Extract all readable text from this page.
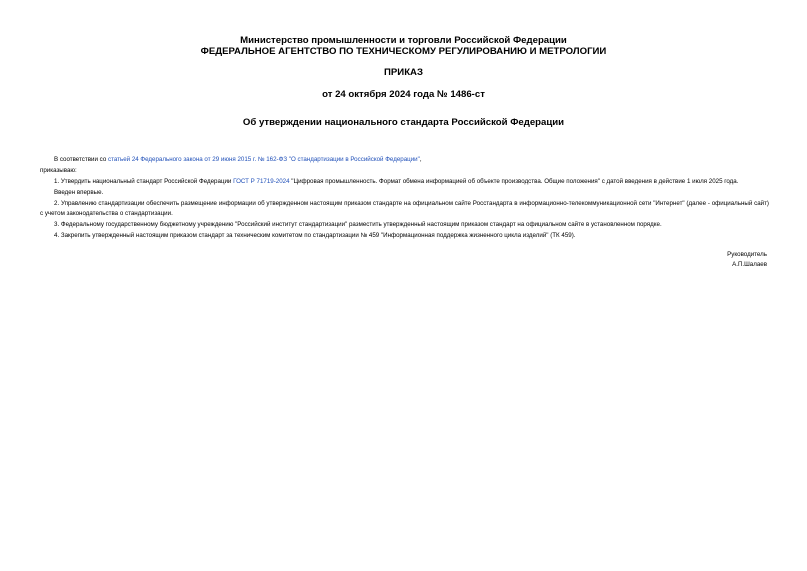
Министерство промышленности и торговли Российской Федерации
ФЕДЕРАЛЬНОЕ АГЕНТСТВО ПО ТЕХНИЧЕСКОМУ РЕГУЛИРОВАНИЮ И МЕТРОЛОГИИ
ПРИКАЗ
от 24 октября 2024 года № 1486-ст
Об утверждении национального стандарта Российской Федерации

В соответствии со статьей 24 Федерального закона от 29 июня 2015 г. № 162-ФЗ "О стандартизации в Российской Федерации",

приказываю:

1. Утвердить национальный стандарт Российской Федерации ГОСТ Р 71719-2024 "Цифровая промышленность. Формат обмена информацией об объекте производства. Общие положения" с датой введения в действие 1 июля 2025 года.

Введен впервые.

2. Управлению стандартизации обеспечить размещение информации об утвержденном настоящим приказом стандарте на официальном сайте Росстандарта в информационно-телекоммуникационной сети "Интернет" (далее - официальный сайт) с учетом законодательства о стандартизации.

3. Федеральному государственному бюджетному учреждению "Российский институт стандартизации" разместить утвержденный настоящим приказом стандарт на официальном сайте в установленном порядке.

4. Закрепить утвержденный настоящим приказом стандарт за техническим комитетом по стандартизации № 459 "Информационная поддержка жизненного цикла изделий" (ТК 459).

Руководитель
А.П.Шалаев
